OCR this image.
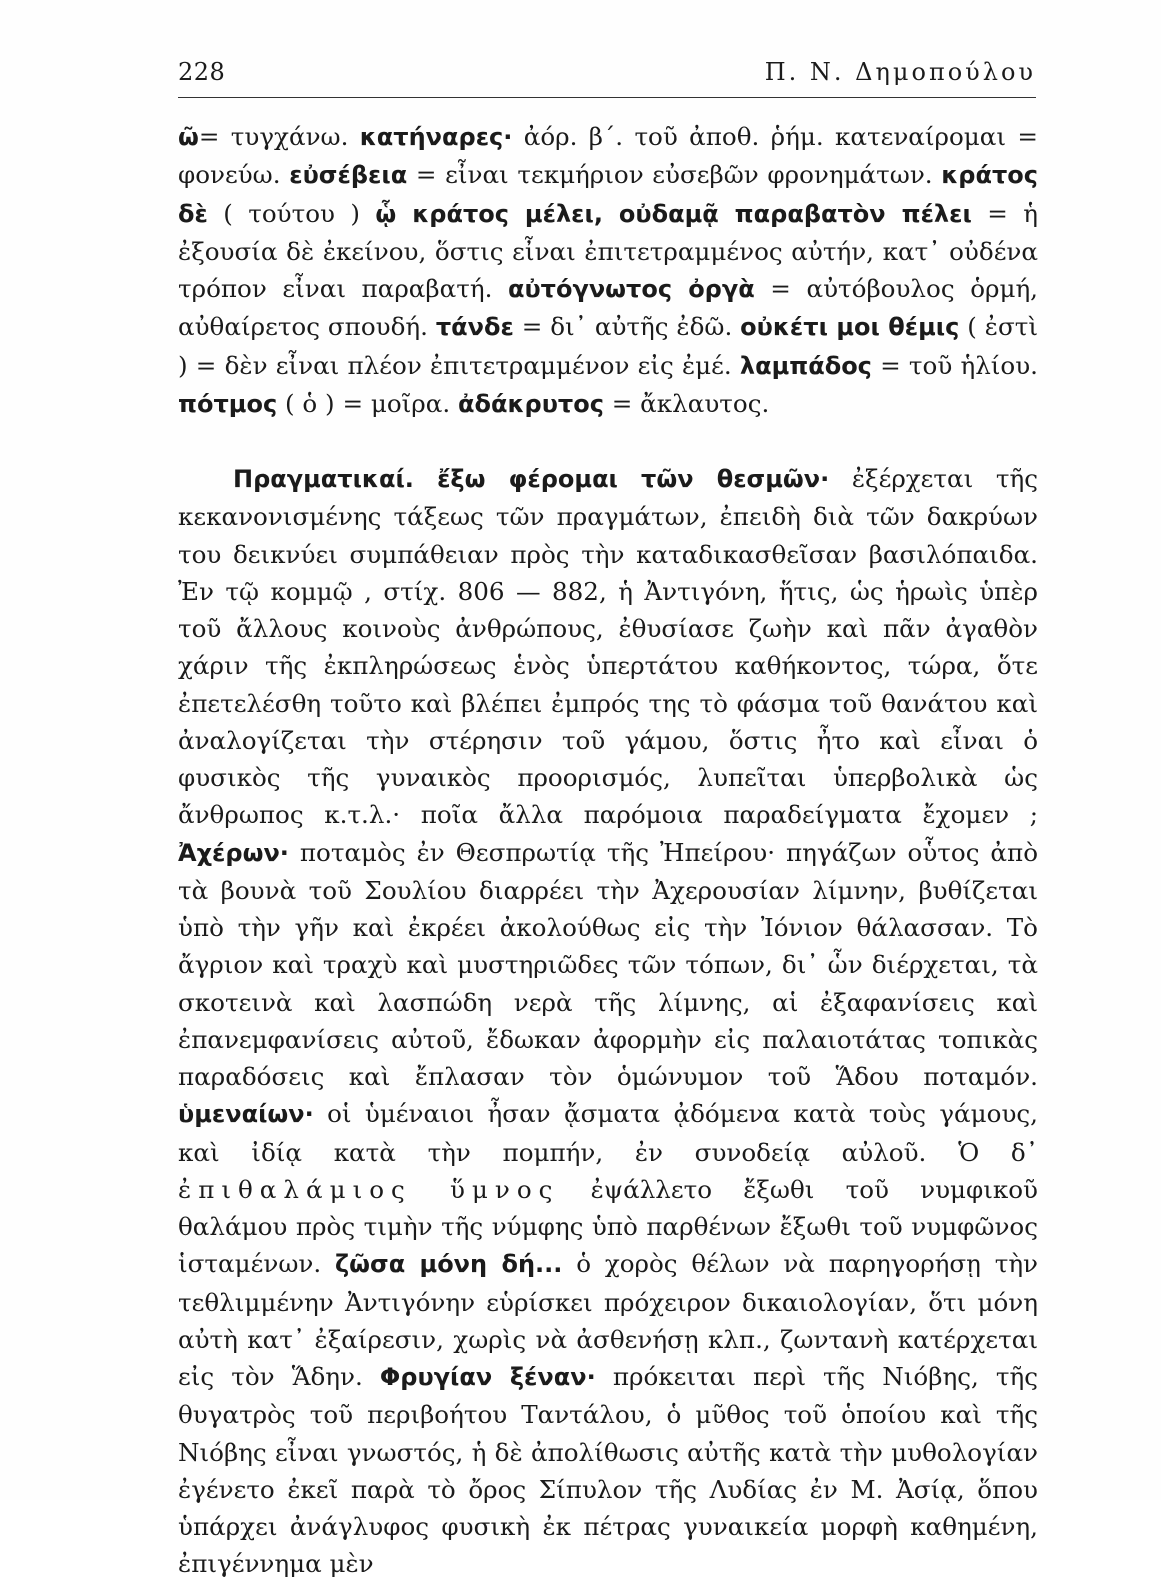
228	Π. Ν. Δημοπούλου

ῶ= τυγχάνω. κατήναρες· ἀόρ. β΄. τοῦ ἀποθ. ῥήμ. κατεναίρομαι = φονεύω. εὐσέβεια = εἶναι τεκμήριον εὐσεβῶν φρονημάτων. κράτος δὲ ( τούτου ) ᾧ κράτος μέλει, οὐδαμᾷ παραβατὸν πέλει = ἡ ἐξουσία δὲ ἐκείνου, ὅστις εἶναι ἐπιτετραμμένος αὐτήν, κατ᾽ οὐδένα τρόπον εἶναι παραβατή. αὐτόγνωτος ὀργὰ = αὐτόβουλος ὁρμή, αὐθαίρετος σπουδή. τάνδε = δι᾽ αὐτῆς ἐδῶ. οὐκέτι μοι θέμις ( ἐστὶ ) = δὲν εἶναι πλέον ἐπιτετραμμένον εἰς ἐμέ. λαμπάδος = τοῦ ἡλίου. πότμος ( ὁ ) = μοῖρα. ἀδάκρυτος = ἄκλαυτος.

Πραγματικαί. ἔξω φέρομαι τῶν θεσμῶν· ἐξέρχεται τῆς κεκανονισμένης τάξεως τῶν πραγμάτων, ἐπειδὴ διὰ τῶν δακρύων του δεικνύει συμπάθειαν πρὸς τὴν καταδικασθεῖσαν βασιλόπαιδα. Ἐν τῷ κομμῷ , στίχ. 806 — 882, ἡ Ἀντιγόνη, ἥτις, ὡς ἡρωὶς ὑπὲρ τοῦ ἄλλους κοινοὺς ἀνθρώπους, ἐθυσίασε ζωὴν καὶ πᾶν ἀγαθὸν χάριν τῆς ἐκπληρώσεως ἑνὸς ὑπερτάτου καθήκοντος, τώρα, ὅτε ἐπετελέσθη τοῦτο καὶ βλέπει ἐμπρός της τὸ φάσμα τοῦ θανάτου καὶ ἀναλογίζεται τὴν στέρησιν τοῦ γάμου, ὅστις ἦτο καὶ εἶναι ὁ φυσικὸς τῆς γυναικὸς προορισμός, λυπεῖται ὑπερβολικὰ ὡς ἄνθρωπος κ.τ.λ.· ποῖα ἄλλα παρόμοια παραδείγματα ἔχομεν ; Ἀχέρων· ποταμὸς ἐν Θεσπρωτίᾳ τῆς Ἠπείρου· πηγάζων οὗτος ἀπὸ τὰ βουνὰ τοῦ Σουλίου διαρρέει τὴν Ἀχερουσίαν λίμνην, βυθίζεται ὑπὸ τὴν γῆν καὶ ἐκρέει ἀκολούθως εἰς τὴν Ἰόνιον θάλασσαν. Τὸ ἄγριον καὶ τραχὺ καὶ μυστηριῶδες τῶν τόπων, δι᾽ ὧν διέρχεται, τὰ σκοτεινὰ καὶ λασπώδη νερὰ τῆς λίμνης, αἱ ἐξαφανίσεις καὶ ἐπανεμφανίσεις αὐτοῦ, ἔδωκαν ἀφορμὴν εἰς παλαιοτάτας τοπικὰς παραδόσεις καὶ ἔπλασαν τὸν ὁμώνυμον τοῦ Ἅδου ποταμόν. ὑμεναίων· οἱ ὑμέναιοι ἦσαν ᾄσματα ᾀδόμενα κατὰ τοὺς γάμους, καὶ ἰδίᾳ κατὰ τὴν πομπήν, ἐν συνοδείᾳ αὐλοῦ. Ὁ δ᾽ ἐπιθαλάμιος ὕμνος ἐψάλλετο ἔξωθι τοῦ νυμφικοῦ θαλάμου πρὸς τιμὴν τῆς νύμφης ὑπὸ παρθένων ἔξωθι τοῦ νυμφῶνος ἱσταμένων. ζῶσα μόνη δή... ὁ χορὸς θέλων νὰ παρηγορήσῃ τὴν τεθλιμμένην Ἀντιγόνην εὑρίσκει πρόχειρον δικαιολογίαν, ὅτι μόνη αὐτὴ κατ᾽ ἐξαίρεσιν, χωρὶς νὰ ἀσθενήσῃ κλπ., ζωντανὴ κατέρχεται εἰς τὸν Ἅδην. Φρυγίαν ξέναν· πρόκειται περὶ τῆς Νιόβης, τῆς θυγατρὸς τοῦ περιβοήτου Ταντάλου, ὁ μῦθος τοῦ ὁποίου καὶ τῆς Νιόβης εἶναι γνωστός, ἡ δὲ ἀπολίθωσις αὐτῆς κατὰ τὴν μυθολογίαν ἐγένετο ἐκεῖ παρὰ τὸ ὄρος Σίπυλον τῆς Λυδίας ἐν Μ. Ἀσίᾳ, ὅπου ὑπάρχει ἀνάγλυφος φυσικὴ ἐκ πέτρας γυναικεία μορφὴ καθημένη, ἐπιγέννημα μὲν
